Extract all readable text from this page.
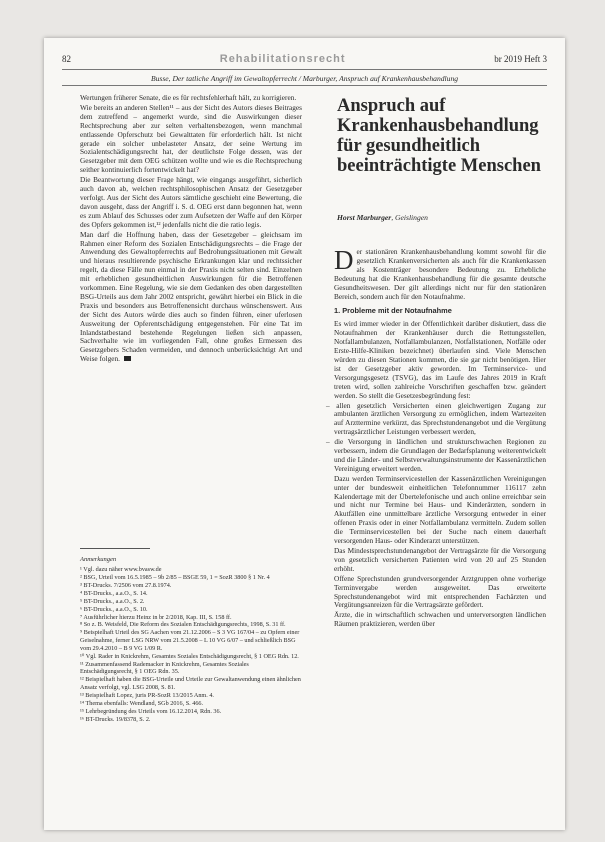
82	Rehabilitationsrecht	br 2019 Heft 3
Busse, Der tatliche Angriff im Gewaltopferrecht / Marburger, Anspruch auf Krankenhausbehandlung

Wertungen früherer Senate, die es für rechtsfehlerhaft hält, zu korrigieren.

Wie bereits an anderen Stellen¹¹ – aus der Sicht des Autors dieses Beitrages dem zutreffend – angemerkt wurde, sind die Auswirkungen dieser Rechtsprechung aber zur selten verhaltensbezogen, wenn manchmal entlassende Opferschutz bei Gewalttaten für erforderlich hält. Ist nicht gerade ein solcher unbelasteter Ansatz, der seine Wertung im Sozialentschädigungsrecht hat, der deutlichste Folge dessen, was der Gesetzgeber mit dem OEG schützen wollte und wie es die Rechtsprechung seither kontinuierlich fortentwickelt hat?

Die Beantwortung dieser Frage hängt, wie eingangs ausgeführt, sicherlich auch davon ab, welchen rechtsphilosophischen Ansatz der Gesetzgeber verfolgt. Aus der Sicht des Autors sämtliche geschieht eine Bewertung, die davon ausgeht, dass der Angriff i. S. d. OEG erst dann begonnen hat, wenn es zum Ablauf des Schusses oder zum Aufsetzen der Waffe auf den Körper des Opfers gekommen ist,¹² jedenfalls nicht die die ratio legis.

Man darf die Hoffnung haben, dass der Gesetzgeber – gleichsam im Rahmen einer Reform des Sozialen Entschädigungsrechts – die Frage der Anwendung des Gewaltopferrechts auf Bedrohungssituationen mit Gewalt und hieraus resultierende psychische Erkrankungen klar und rechtssicher regelt, da diese Fälle nun einmal in der Praxis nicht selten sind. Einzelnen mit erheblichen gesundheitlichen Auswirkungen für die Betroffenen vorkommen. Eine Regelung, wie sie dem Gedanken des oben dargestellten BSG-Urteils aus dem Jahr 2002 entspricht, gewährt hierbei ein Blick in die Praxis und besonders aus Betroffenensicht durchaus wünschenswert. Aus der Sicht des Autors würde dies auch so finden führen, einer uferlosen Ausweitung der Opferentschädigung entgegenstehen. Für eine Tat im Inlandstatbestand bestehende Regelungen ließen sich anpassen, Sachverhalte wie im vorliegenden Fall, ohne großes Ermessen des Gesetzgebers Schaden vermeiden, und dennoch unberücksichtigt Art und Weise folgen.

Anmerkungen
¹ Vgl. dazu näher www.bvasw.de
² BSG, Urteil vom 16.5.1985 – 9b 2/85 – BSGE 59, 1 = SozR 3800 § 1 Nr. 4
³ BT-Drucks. 7/2506 vom 27.8.1974.
⁴ BT-Drucks., a.a.O., S. 14.
⁵ BT-Drucks., a.a.O., S. 2.
⁶ BT-Drucks., a.a.O., S. 10.
⁷ Ausführlicher hierzu Heinz in br 2/2018, Kap. III, S. 158 ff.
⁸ So z. B. Weisfeld, Die Reform des Sozialen Entschädigungsrechts, 1998, S. 31 ff.
⁹ Beispielhaft Urteil des SG Aachen vom 21.12.2006 – S 3 VG 167/04 – zu Opfern einer Geiselnahme, ferner LSG NRW vom 21.5.2008 – L 10 VG 6/07 – und schließlich BSG vom 29.4.2010 – B 9 VG 1/09 R.
¹⁰ Vgl. Rader in Knickrehm, Gesamtes Soziales Entschädigungsrecht, § 1 OEG Rdn. 12.
¹¹ Zusammenfassend Rademacker in Knickrehm, Gesamtes Soziales Entschädigungsrecht, § 1 OEG Rdn. 35.
¹² Beispielhaft haben die BSG-Urteile und Urteile zur Gewaltanwendung einen ähnlichen Ansatz verfolgt, vgl. LSG 2008, S. 81.
¹³ Beispielhaft Lopez, juris PR-SozR 13/2015 Anm. 4.
¹⁴ Thema ebenfalls: Wendland, SGb 2016, S. 466.
¹⁵ Lehrbegründung des Urteils vom 16.12.2014, Rdn. 36.
¹⁶ BT-Drucks. 19/8378, S. 2.
Anspruch auf Krankenhausbehandlung für gesundheitlich beeinträchtigte Menschen
Horst Marburger, Geislingen

Der stationären Krankenhausbehandlung kommt sowohl für die gesetzlich Krankenversicherten als auch für die Krankenkassen als Kostenträger besondere Bedeutung zu. Erhebliche Bedeutung hat die Krankenhausbehandlung für die gesamte deutsche Gesundheitswesen. Der gilt allerdings nicht nur für den stationären Bereich, sondern auch für den Notaufnahme.

1. Probleme mit der Notaufnahme

Es wird immer wieder in der Öffentlichkeit darüber diskutiert, dass die Notaufnahmen der Krankenhäuser durch die Rettungsstellen, Notfallambulanzen, Notfallambulanzen, Notfallstationen, Notfälle oder Erste-Hilfe-Kliniken bezeichnet) überlaufen sind. Viele Menschen würden zu diesen Stationen kommen, die sie gar nicht benötigen. Hier ist der Gesetzgeber aktiv geworden. Im Terminservice- und Versorgungsgesetz (TSVG), das im Laufe des Jahres 2019 in Kraft treten wird, sollen zahlreiche Vorschriften geschaffen bzw. geändert werden. So stellt die Gesetzesbegründung fest:

– allen gesetzlich Versicherten einen gleichwertigen Zugang zur ambulanten ärztlichen Versorgung zu ermöglichen, indem Wartezeiten auf Arzttermine verkürzt, das Sprechstundenangebot und die Vergütung vertragsärztlicher Leistungen verbessert werden,

– die Versorgung in ländlichen und strukturschwachen Regionen zu verbessern, indem die Grundlagen der Bedarfsplanung weiterentwickelt und die Länder- und Selbstverwaltungsinstrumente der Kassenärztlichen Vereinigung erweitert werden.

Dazu werden Terminservicestellen der Kassenärztlichen Vereinigungen unter der bundesweit einheitlichen Telefonnummer 116117 zehn Kalendertage mit der Übertelefonische und auch online erreichbar sein und nicht nur Termine bei Haus- und Kinderärzten, sondern in Akutfällen eine unmittelbare ärztliche Versorgung entweder in einer offenen Praxis oder in einer Notfallambulanz vermitteln. Zudem sollen die Terminservicestellen bei der Suche nach einem dauerhaft versorgenden Haus- oder Kinderarzt unterstützen.

Das Mindestsprechstundenangebot der Vertragsärzte für die Versorgung von gesetzlich versicherten Patienten wird von 20 auf 25 Stunden erhöht.

Offene Sprechstunden grundversorgender Arztgruppen ohne vorherige Terminvergabe werden ausgeweitet. Das erweiterte Sprechstundenangebot wird mit entsprechenden Fachärzten und Vergütungsanreizen für die Vertragsärzte gefördert.

Ärzte, die in wirtschaftlich schwachen und unterversorgten ländlichen Räumen praktizieren, werden über
